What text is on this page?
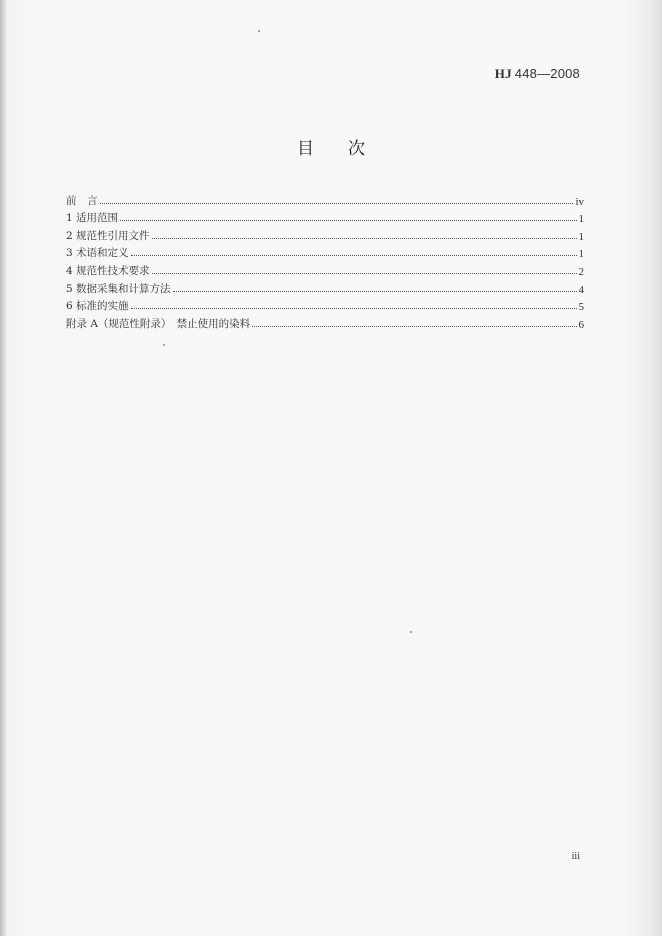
HJ 448—2008
目次
前　言	iv
1 适用范围	1
2 规范性引用文件	1
3 术语和定义	1
4 规范性技术要求	2
5 数据采集和计算方法	4
6 标准的实施	5
附录 A（规范性附录）　禁止使用的染料	6
iii
